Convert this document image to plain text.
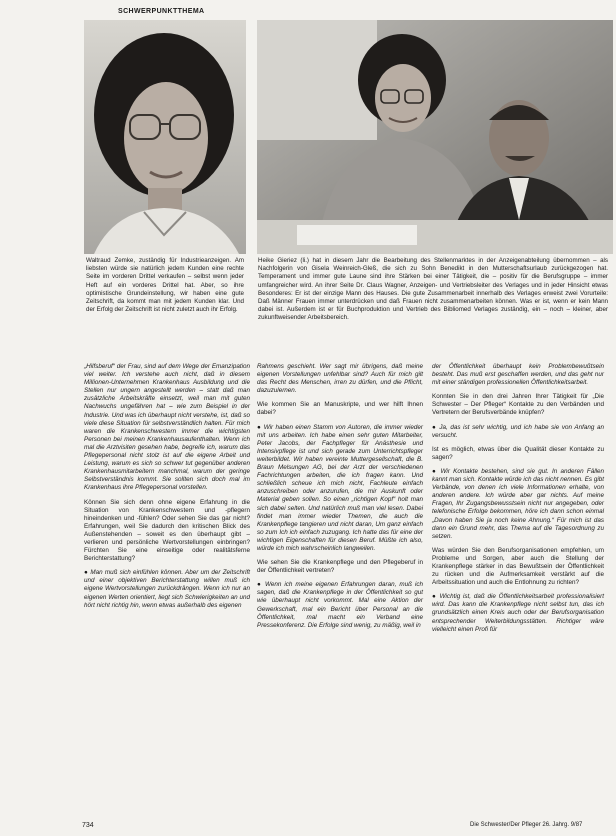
SCHWERPUNKTTHEMA

Waltraud Zemke, zuständig für Industrieanzeigen. Am liebsten würde sie natürlich jedem Kunden eine rechte Seite im vorderen Drittel verkaufen – selbst wenn jeder Heft auf ein vorderes Drittel hat. Aber, so ihre optimistische Grundeinstellung, wir haben eine gute Zeitschrift, da kommt man mit jedem Kunden klar. Und der Erfolg der Zeitschrift ist nicht zuletzt auch ihr Erfolg.

Heike Gieriez (li.) hat in diesem Jahr die Bearbeitung des Stellenmarktes in der Anzeigenabteilung übernommen – als Nachfolgerin von Gisela Weinreich-Gleß, die sich zu Sohn Benedikt in den Mutterschaftsurlaub zurückgezogen hat. Temperament und immer gute Laune sind ihre Stärken bei einer Tätigkeit, die – positiv für die Berufsgruppe – immer umfangreicher wird. An ihrer Seite Dr. Claus Wagner, Anzeigen- und Vertriebsleiter des Verlages und in jeder Hinsicht etwas Besonderes: Er ist der einzige Mann des Hauses. Die gute Zusammenarbeit innerhalb des Verlages erweist zwei Vorurteile: Daß Männer Frauen immer unterdrücken und daß Frauen nicht zusammenarbeiten können. Was er ist, wenn er kein Mann dabei ist. Außerdem ist er für Buchproduktion und Vertrieb des Bibliomed Verlages zuständig, ein – noch – kleiner, aber zukunftweisender Arbeitsbereich.

„Hilfsberuf“ der Frau, sind auf dem Wege der Emanzipation viel weiter. Ich verstehe auch nicht, daß in diesem Millionen-Unternehmen Krankenhaus Ausbildung und die Stellen nur ungern angestellt werden – statt daß man zusätzliche Arbeitskräfte einsetzt, weil man mit guten Nachwuchs ungefähren hat – wie zum Beispiel in der Industrie. Und was ich überhaupt nicht verstehe, ist, daß so viele diese Situation für selbstverständlich halten. Für mich waren die Krankenschwestern immer die wichtigsten Personen bei meinen Krankenhausaufenthalten. Wenn ich mal die Arztvisiten gesehen habe, begreife ich, warum das Pflegepersonal nicht stolz ist auf die eigene Arbeit und Leistung, warum es sich so schwer tut gegenüber anderen Krankenhausmitarbeitern manchmal, warum der geringe Selbstverständnis kommt. Sie sollten sich doch mal im Krankenhaus ihre Pflegepersonal vorstellen.

Können Sie sich denn ohne eigene Erfahrung in die Situation von Krankenschwestern und -pflegern hineindenken und -fühlen? Oder sehen Sie das gar nicht? Erfahrungen, weil Sie dadurch den kritischen Blick des Außenstehenden – soweit es den überhaupt gibt – verlieren und persönliche Wertvorstellungen einbringen? Fürchten Sie eine einseitige oder realitätsferne Berichterstattung?

● Man muß sich einfühlen können. Aber um der Zeitschrift und einer objektiven Berichterstattung willen muß ich eigene Wertvorstellungen zurückdrängen. Wenn ich nur an eigenen Werten orientiert, liegt sich Schwierigkeiten an und hört nicht richtig hin, wenn etwas außerhalb des eigenen

Rahmens geschieht. Wer sagt mir übrigens, daß meine eigenen Vorstellungen unfehlbar sind? Auch für mich gilt das Recht des Menschen, irren zu dürfen, und die Pflicht, dazuzulernen.

Wie kommen Sie an Manuskripte, und wer hilft Ihnen dabei?

● Wir haben einen Stamm von Autoren, die immer wieder mit uns arbeiten. Ich habe einen sehr guten Mitarbeiter, Peter Jacobs, der Fachpfleger für Anästhesie und Intensivpflege ist und sich gerade zum Unterrichtspfleger weiterbildet. Wir haben vereinte Muttergesellschaft, die B. Braun Melsungen AG, bei der Arzt der verschiedenen Fachrichtungen arbeiten, die ich fragen kann. Und schließlich scheue ich mich nicht, Fachleute einfach anzuschreiben oder anzurufen, die mir Auskunft oder Material geben sollen. So einen „richtigen Kopf“ holt man sich dabei selten. Und natürlich muß man viel lesen. Dabei findet man immer wieder Themen, die auch die Krankenpflege tangieren und nicht daran, Um ganz einfach so zum Ich ich einfach zuzugang. Ich hatte das für eine der wichtigen Eigenschaften für diesen Beruf. Müßte ich also, würde ich mich wahrscheinlich langweilen.

Wie sehen Sie die Krankenpflege und den Pflegeberuf in der Öffentlichkeit vertreten?

● Wenn ich meine eigenen Erfahrungen daran, muß ich sagen, daß die Krankenpflege in der Öffentlichkeit so gut wie überhaupt nicht vorkommt. Mal eine Aktion der Gewerkschaft, mal ein Bericht über Personal an die Öffentlichkeit, mal macht ein Verband eine Pressekonferenz. Die Erfolge sind wenig, zu mäßig, weil in

der Öffentlichkeit überhaupt kein Problembewußtsein besteht. Das muß erst geschaffen werden, und das geht nur mit einer ständigen professionellen Öffentlichkeitsarbeit.

Konnten Sie in den drei Jahren Ihrer Tätigkeit für „Die Schwester – Der Pfleger“ Kontakte zu den Verbänden und Vertretern der Berufsverbände knüpfen?

● Ja, das ist sehr wichtig, und ich habe sie von Anfang an versucht.

Ist es möglich, etwas über die Qualität dieser Kontakte zu sagen?

● Wir Kontakte bestehen, sind sie gut. In anderen Fällen kannt man sich. Kontakte würde ich das nicht nennen. Es gibt Verbände, von denen ich viele Informationen erhalte, von anderen andere. Ich würde aber gar nichts. Auf meine Fragen, Ihr Zugangsbewusstsein nicht nur angegeben, oder telefonische Erfolge bekommen, höre ich dann schon einmal „Davon haben Sie ja noch keine Ahnung.“ Für mich ist das dann ein Grund mehr, das Thema auf die Tagesordnung zu setzen.

Was würden Sie den Berufsorganisationen empfehlen, um Probleme und Sorgen, aber auch die Stellung der Krankenpflege stärker in das Bewußtsein der Öffentlichkeit zu rücken und die Aufmerksamkeit verstärkt auf die Arbeitssituation und auch die Entlohnung zu richten?

● Wichtig ist, daß die Öffentlichkeitsarbeit professionalisiert wird. Das kann die Krankenpflege nicht selbst tun, das ich grundsätzlich einen Kreis auch oder der Berufsorganisation entsprechender Weiterbildungsstätten. Richtiger wäre vielleicht einen Profi für

734	Die Schwester/Der Pfleger 26. Jahrg. 9/87
